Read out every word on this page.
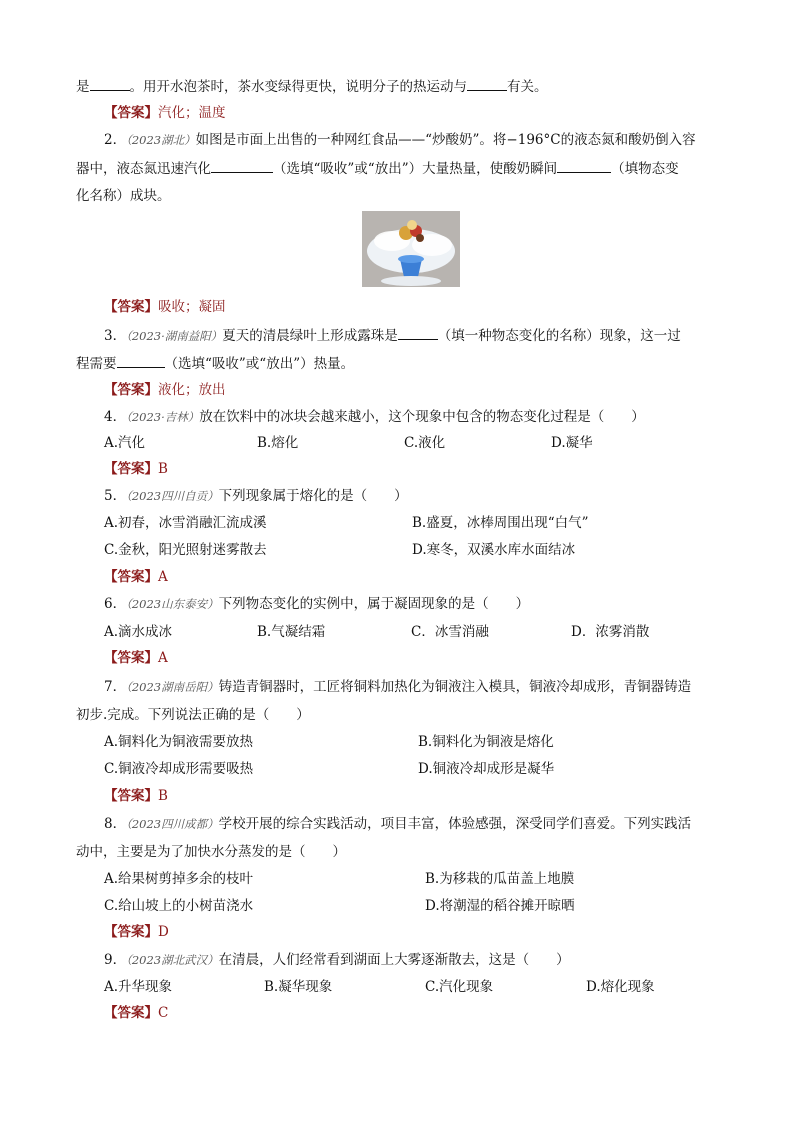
是	。用开水泡茶时，茶水变绿得更快，说明分子的热运动与	有关。
【答案】汽化；温度
2．（2023湖北）如图是市面上出售的一种网红食品——“炒酸奶”。将−196°C的液态氮和酸奶倒入容
器中，液态氮迅速汽化	（选填“吸收”或“放出”）大量热量，使酸奶瞬间	（填物态变
化名称）成块。
【答案】吸收；凝固
3．（2023·湖南益阳）夏天的清晨绿叶上形成露珠是	（填一种物态变化的名称）现象，这一过
程需要	（选填“吸收”或“放出”）热量。
【答案】液化；放出
4．（2023·吉林）放在饮料中的冰块会越来越小，这个现象中包含的物态变化过程是（　　）
A.汽化	B.熔化	C.液化	D.凝华
【答案】B
5．（2023四川自贡）下列现象属于熔化的是（　　）
A.初春，冰雪消融汇流成溪	B.盛夏，冰棒周围出现“白气”
C.金秋，阳光照射迷雾散去	D.寒冬，双溪水库水面结冰
【答案】A
6．（2023山东泰安）下列物态变化的实例中，属于凝固现象的是（　　）
A.滴水成冰	B.气凝结霜	C．冰雪消融	D．浓雾消散
【答案】A
7．（2023湖南岳阳）铸造青铜器时，工匠将铜料加热化为铜液注入模具，铜液冷却成形，青铜器铸造
初步.完成。下列说法正确的是（　　）
A.铜料化为铜液需要放热	B.铜料化为铜液是熔化
C.铜液冷却成形需要吸热	D.铜液冷却成形是凝华
【答案】B
8．（2023四川成都）学校开展的综合实践活动，项目丰富，体验感强，深受同学们喜爱。下列实践活
动中，主要是为了加快水分蒸发的是（　　）
A.给果树剪掉多余的枝叶	B.为移栽的瓜苗盖上地膜
C.给山坡上的小树苗浇水	D.将潮湿的稻谷摊开晾晒
【答案】D
9．（2023湖北武汉）在清晨，人们经常看到湖面上大雾逐渐散去，这是（　　）
A.升华现象	B.凝华现象	C.汽化现象	D.熔化现象
【答案】C
